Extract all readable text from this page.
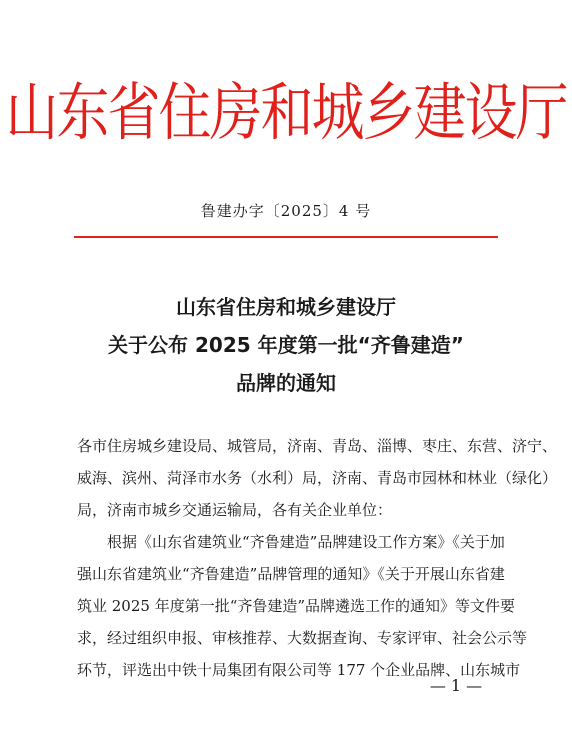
山东省住房和城乡建设厅
鲁建办字〔2025〕4 号
山东省住房和城乡建设厅
关于公布 2025 年度第一批“齐鲁建造”
品牌的通知
各市住房城乡建设局、城管局，济南、青岛、淄博、枣庄、东营、济宁、
威海、滨州、菏泽市水务（水利）局，济南、青岛市园林和林业（绿化）
局，济南市城乡交通运输局，各有关企业单位：
根据《山东省建筑业“齐鲁建造”品牌建设工作方案》《关于加
强山东省建筑业“齐鲁建造”品牌管理的通知》《关于开展山东省建
筑业 2025 年度第一批“齐鲁建造”品牌遴选工作的通知》等文件要
求，经过组织申报、审核推荐、大数据查询、专家评审、社会公示等
环节，评选出中铁十局集团有限公司等 177 个企业品牌、山东城市
— 1 —
